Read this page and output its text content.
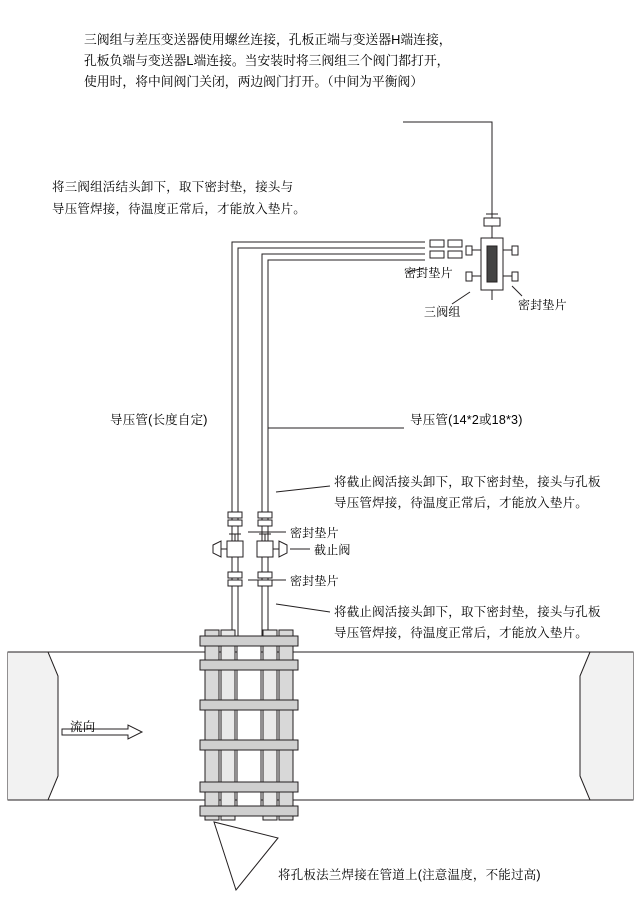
三阀组与差压变送器使用螺丝连接，孔板正端与变送器H端连接，
孔板负端与变送器L端连接。当安装时将三阀组三个阀门都打开，
使用时，将中间阀门关闭，两边阀门打开。（中间为平衡阀）

将三阀组活结头卸下，取下密封垫，接头与
导压管焊接，待温度正常后，才能放入垫片。
密封垫片
三阀组	密封垫片
导压管(长度自定)	导压管(14*2或18*3)
将截止阀活接头卸下，取下密封垫，接头与孔板
导压管焊接，待温度正常后，才能放入垫片。
密封垫片
截止阀
密封垫片
将截止阀活接头卸下，取下密封垫，接头与孔板
导压管焊接，待温度正常后，才能放入垫片。
流向
将孔板法兰焊接在管道上(注意温度，不能过高)
